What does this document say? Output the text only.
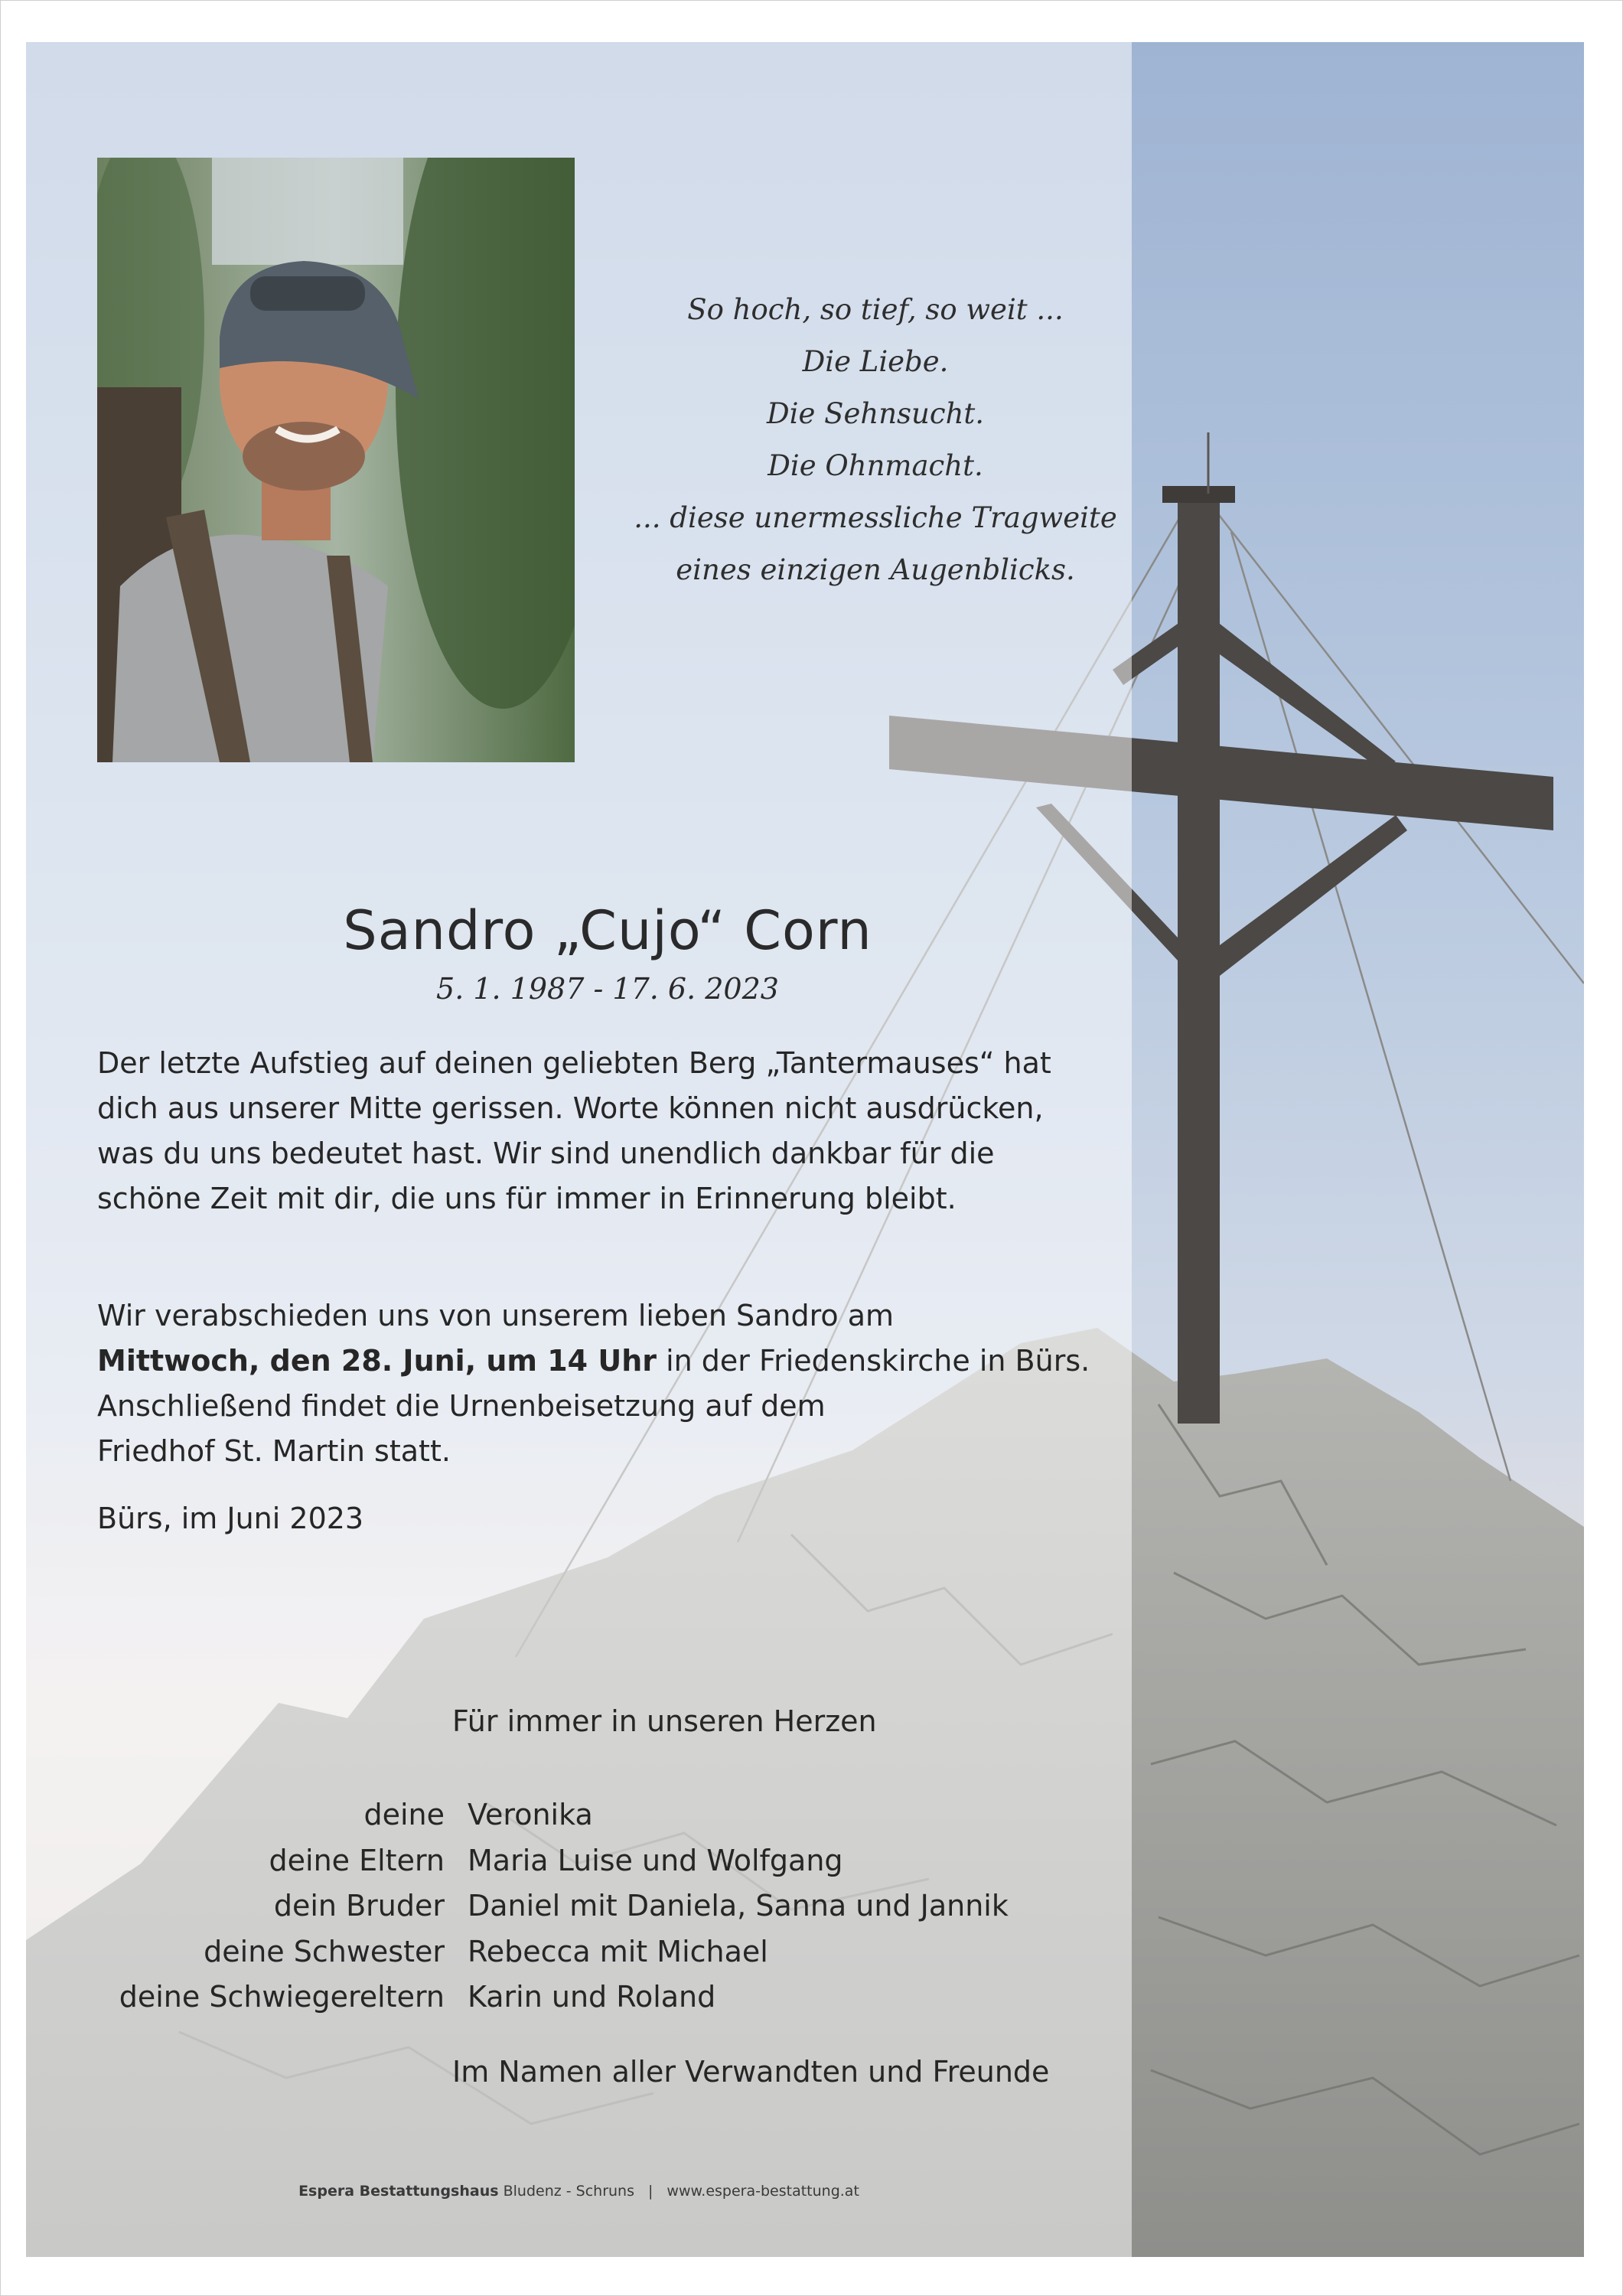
So hoch, so tief, so weit ...
Die Liebe.
Die Sehnsucht.
Die Ohnmacht.
... diese unermessliche Tragweite
eines einzigen Augenblicks.
Sandro „Cujo“ Corn
5. 1. 1987 - 17. 6. 2023
Der letzte Aufstieg auf deinen geliebten Berg „Tantermauses“ hat
dich aus unserer Mitte gerissen. Worte können nicht ausdrücken,
was du uns bedeutet hast. Wir sind unendlich dankbar für die
schöne Zeit mit dir, die uns für immer in Erinnerung bleibt.
Wir verabschieden uns von unserem lieben Sandro am
Mittwoch, den 28. Juni, um 14 Uhr in der Friedenskirche in Bürs.
Anschließend findet die Urnenbeisetzung auf dem
Friedhof St. Martin statt.
Bürs, im Juni 2023
Für immer in unseren Herzen
deine Veronika
deine Eltern Maria Luise und Wolfgang
dein Bruder Daniel mit Daniela, Sanna und Jannik
deine Schwester Rebecca mit Michael
deine Schwiegereltern Karin und Roland
Im Namen aller Verwandten und Freunde
Espera Bestattungshaus Bludenz - Schruns | www.espera-bestattung.at
